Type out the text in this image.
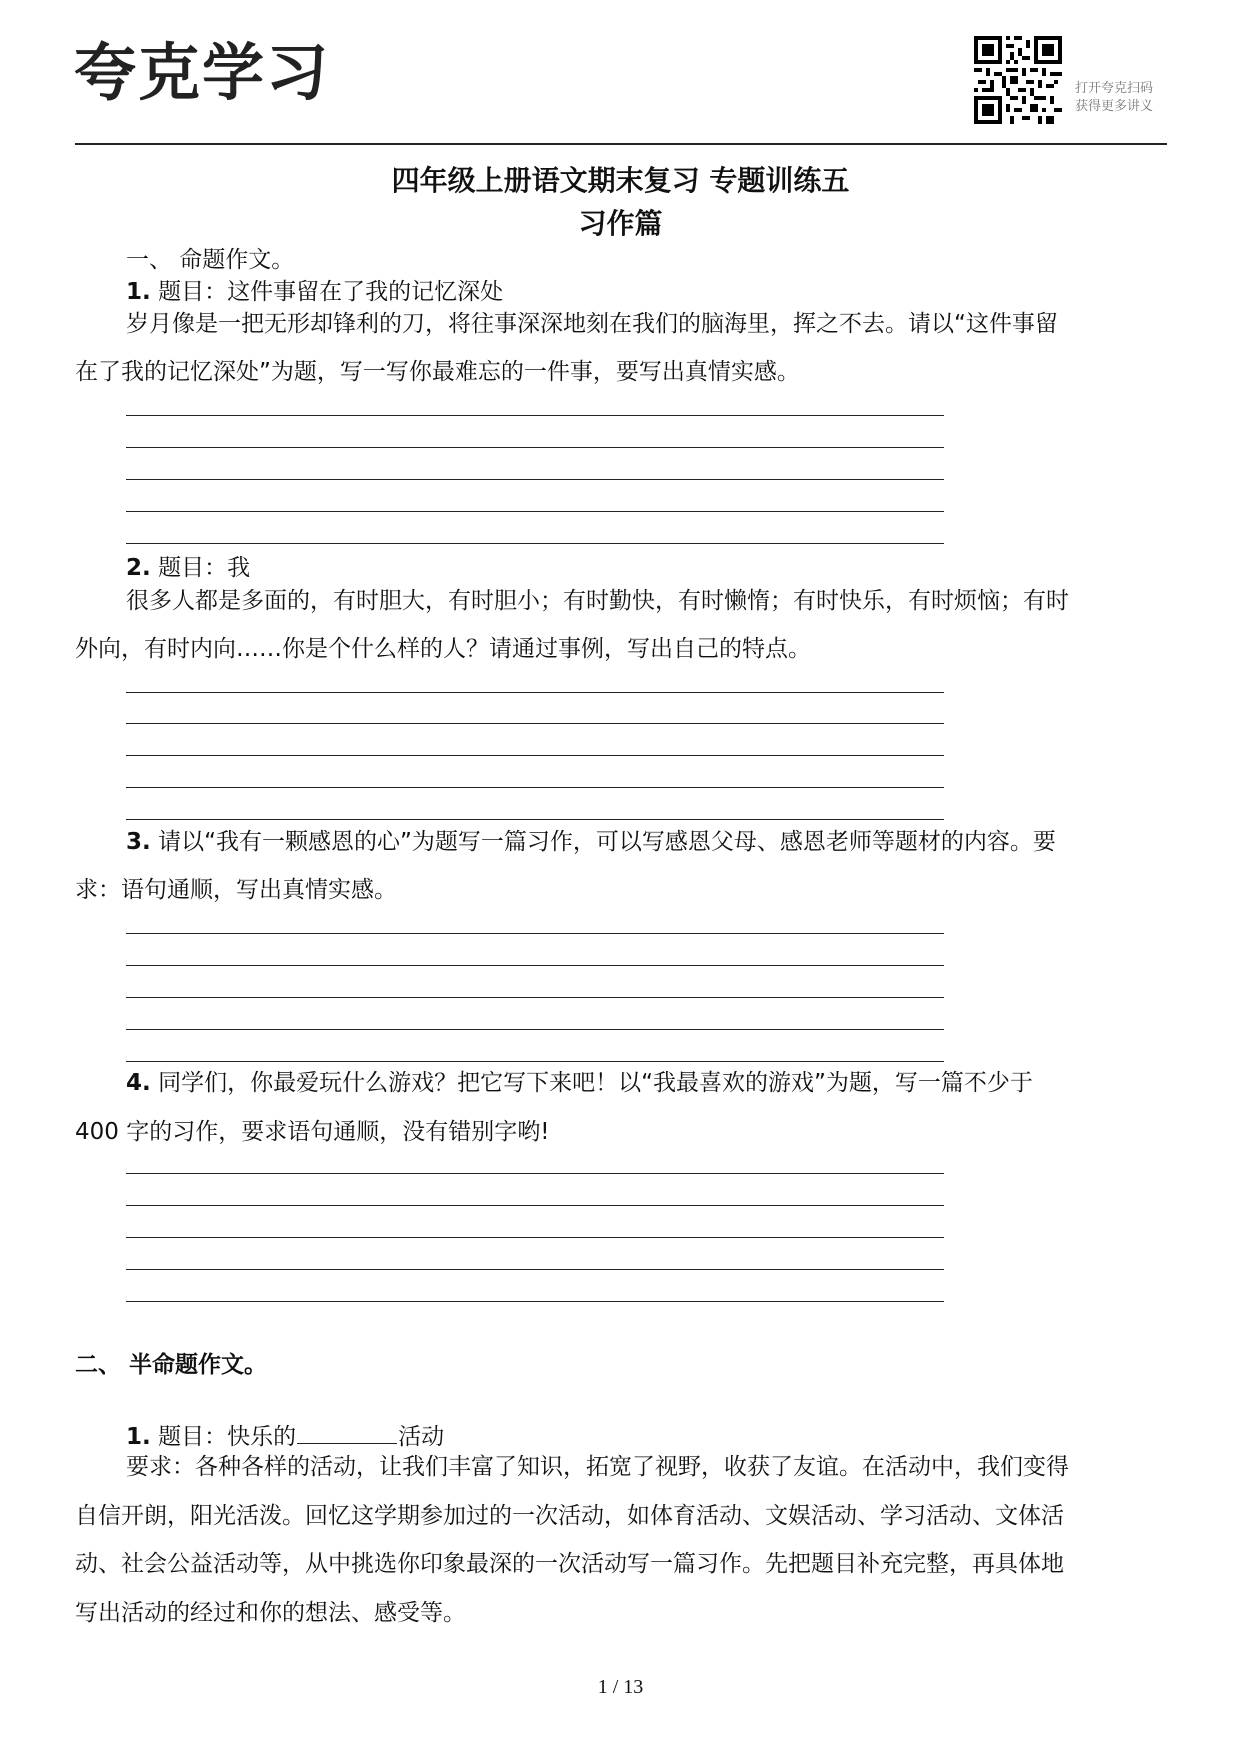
夸克学习	打开夸克扫码
获得更多讲义
四年级上册语文期末复习 专题训练五
习作篇
一、 命题作文。
1. 题目：这件事留在了我的记忆深处
岁月像是一把无形却锋利的刀，将往事深深地刻在我们的脑海里，挥之不去。请以“这件事留
在了我的记忆深处”为题，写一写你最难忘的一件事，要写出真情实感。
2. 题目：我
很多人都是多面的，有时胆大，有时胆小；有时勤快，有时懒惰；有时快乐，有时烦恼；有时
外向，有时内向……你是个什么样的人？请通过事例，写出自己的特点。
3. 请以“我有一颗感恩的心”为题写一篇习作，可以写感恩父母、感恩老师等题材的内容。要
求：语句通顺，写出真情实感。
4. 同学们，你最爱玩什么游戏？把它写下来吧！以“我最喜欢的游戏”为题，写一篇不少于
400 字的习作，要求语句通顺，没有错别字哟!
二、 半命题作文。
1. 题目：快乐的	活动
要求：各种各样的活动，让我们丰富了知识，拓宽了视野，收获了友谊。在活动中，我们变得
自信开朗，阳光活泼。回忆这学期参加过的一次活动，如体育活动、文娱活动、学习活动、文体活
动、社会公益活动等，从中挑选你印象最深的一次活动写一篇习作。先把题目补充完整，再具体地
写出活动的经过和你的想法、感受等。
1 / 13
